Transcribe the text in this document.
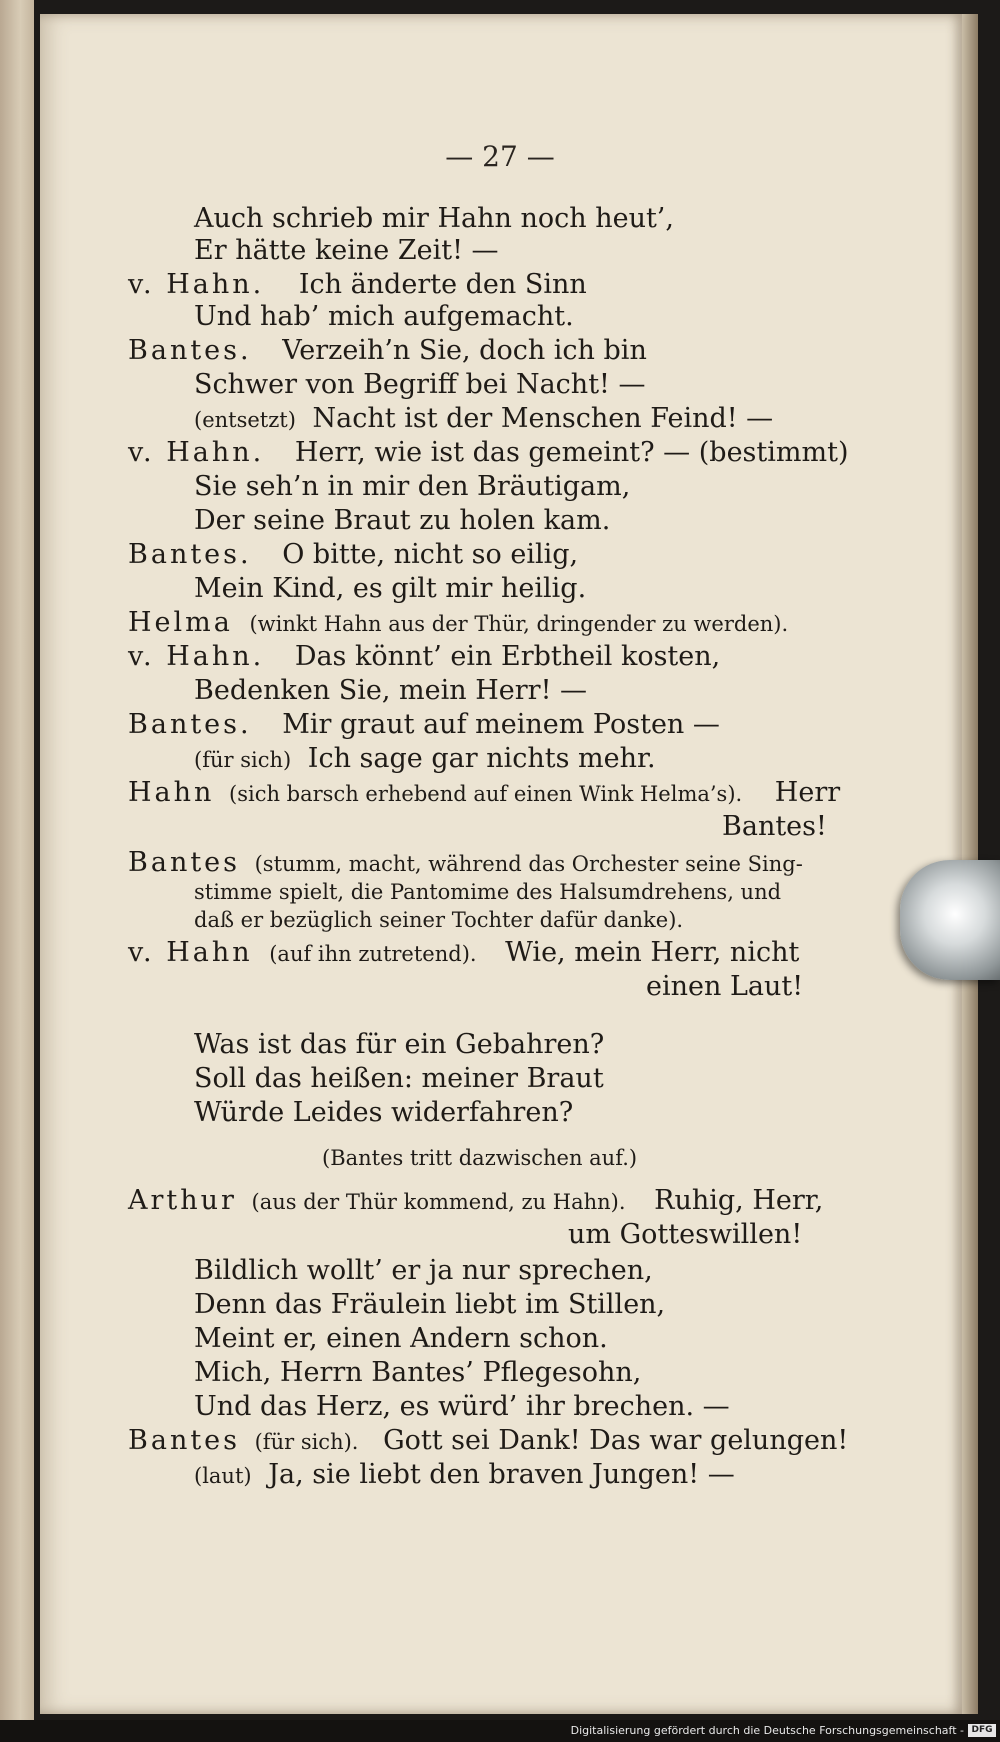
— 27 —
Auch schrieb mir Hahn noch heut’,
Er hätte keine Zeit! —
v. Hahn. Ich änderte den Sinn
Und hab’ mich aufgemacht.
Bantes. Verzeih’n Sie, doch ich bin
Schwer von Begriff bei Nacht! —
(entsetzt) Nacht ist der Menschen Feind! —
v. Hahn. Herr, wie ist das gemeint? — (bestimmt)
Sie seh’n in mir den Bräutigam,
Der seine Braut zu holen kam.
Bantes. O bitte, nicht so eilig,
Mein Kind, es gilt mir heilig.
Helma (winkt Hahn aus der Thür, dringender zu werden).
v. Hahn. Das könnt’ ein Erbtheil kosten,
Bedenken Sie, mein Herr! —
Bantes. Mir graut auf meinem Posten —
(für sich) Ich sage gar nichts mehr.
Hahn (sich barsch erhebend auf einen Wink Helma’s). Herr
Bantes!
Bantes (stumm, macht, während das Orchester seine Sing-
stimme spielt, die Pantomime des Halsumdrehens, und
daß er bezüglich seiner Tochter dafür danke).
v. Hahn (auf ihn zutretend). Wie, mein Herr, nicht
einen Laut!
Was ist das für ein Gebahren?
Soll das heißen: meiner Braut
Würde Leides widerfahren?
(Bantes tritt dazwischen auf.)
Arthur (aus der Thür kommend, zu Hahn). Ruhig, Herr,
um Gotteswillen!
Bildlich wollt’ er ja nur sprechen,
Denn das Fräulein liebt im Stillen,
Meint er, einen Andern schon.
Mich, Herrn Bantes’ Pflegesohn,
Und das Herz, es würd’ ihr brechen. —
Bantes (für sich). Gott sei Dank! Das war gelungen!
(laut) Ja, sie liebt den braven Jungen! —
Digitalisierung gefördert durch die Deutsche Forschungsgemeinschaft - DFG
